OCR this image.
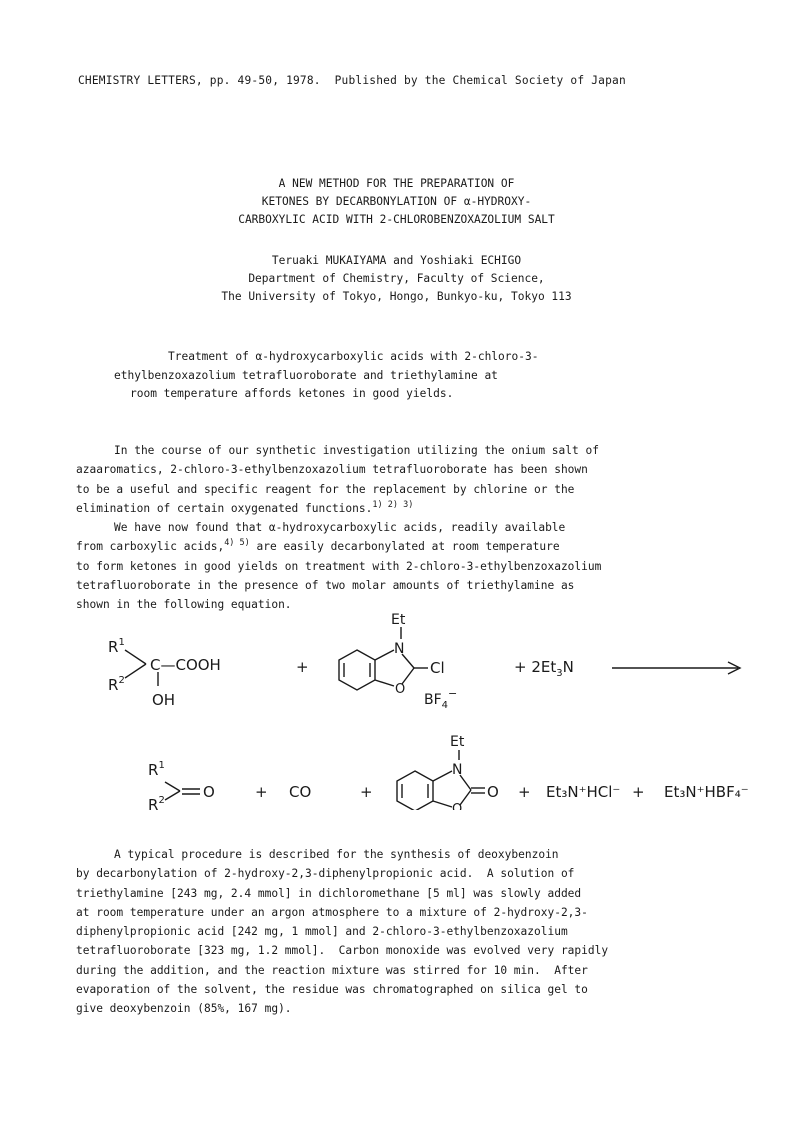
CHEMISTRY LETTERS, pp. 49-50, 1978.  Published by the Chemical Society of Japan
A NEW METHOD FOR THE PREPARATION OF
KETONES BY DECARBONYLATION OF α-HYDROXY-
CARBOXYLIC ACID WITH 2-CHLOROBENZOXAZOLIUM SALT
Teruaki MUKAIYAMA and Yoshiaki ECHIGO
Department of Chemistry, Faculty of Science,
The University of Tokyo, Hongo, Bunkyo-ku, Tokyo 113
Treatment of α-hydroxycarboxylic acids with 2-chloro-3-
ethylbenzoxazolium tetrafluoroborate and triethylamine at
room temperature affords ketones in good yields.
In the course of our synthetic investigation utilizing the onium salt of
azaaromatics, 2-chloro-3-ethylbenzoxazolium tetrafluoroborate has been shown
to be a useful and specific reagent for the replacement by chlorine or the
elimination of certain oxygenated functions.$^{1) 2) 3)}$
We have now found that α-hydroxycarboxylic acids, readily available
from carboxylic acids,$^{4) 5)}$ are easily decarbonylated at room temperature
to form ketones in good yields on treatment with 2-chloro-3-ethylbenzoxazolium
tetrafluoroborate in the presence of two molar amounts of triethylamine as
shown in the following equation.
$R^1$
$R^2$
C—COOH
OH
+
Et
N
O
Cl
$BF_4^-$
+ $2Et_3N$
$R^1$
$R^2$	O	+ CO	+
Et
N
O
O + Et₃N⁺HCl⁻ + Et₃N⁺HBF₄⁻
A typical procedure is described for the synthesis of deoxybenzoin
by decarbonylation of 2-hydroxy-2,3-diphenylpropionic acid.  A solution of
triethylamine [243 mg, 2.4 mmol] in dichloromethane [5 ml] was slowly added
at room temperature under an argon atmosphere to a mixture of 2-hydroxy-2,3-
diphenylpropionic acid [242 mg, 1 mmol] and 2-chloro-3-ethylbenzoxazolium
tetrafluoroborate [323 mg, 1.2 mmol].  Carbon monoxide was evolved very rapidly
during the addition, and the reaction mixture was stirred for 10 min.  After
evaporation of the solvent, the residue was chromatographed on silica gel to
give deoxybenzoin (85%, 167 mg).
